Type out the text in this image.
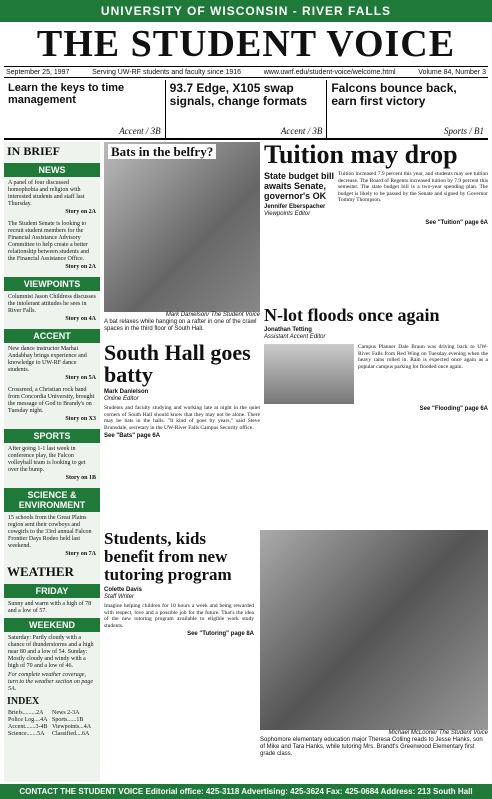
UNIVERSITY OF WISCONSIN - RIVER FALLS
THE STUDENT VOICE
September 25, 1997	Serving UW-RF students and faculty since 1916	www.uwrf.edu/student-voice/welcome.html	Volume 84, Number 3
Learn the keys to time management
Accent / 3B
93.7 Edge, X105 swap signals, change formats
Accent / 3B
Falcons bounce back, earn first victory
Sports / B1
IN BRIEF
NEWS
A panel of four discussed homophobia and religion with interested students and staff last Thursday.
Story on 2A
The Student Senate is looking to recruit student members for the Financial Assistance Advisory Committee to help create a better relationship between students and the Financial Assistance Office.
Story on 2A
VIEWPOINTS
Columnist Jason Childress discusses the intolerant attitudes he sees in River Falls.
Story on 4A
ACCENT
New dance instructor Marhai Andabhay brings experience and knowledge to UW-RF dance students.
Story on 5A
Crossreed, a Christian rock band from Concordia University, brought the message of God to Brandy's on Tuesday night.
Story on X3
SPORTS
After going 1-1 last week in conference play, the Falcon volleyball team is looking to get over the bump.
Story on 1B
SCIENCE & ENVIRONMENT
15 schools from the Great Plains region sent their cowboys and cowgirls to the 33rd annual Falcon Frontier Days Rodeo held last weekend.
Story on 7A
WEATHER
FRIDAY
Sunny and warm with a high of 78 and a low of 57.
WEEKEND
Saturday: Partly cloudy with a chance of thunderstorms and a high near 80 and a low of 54. Sunday: Mostly cloudy and windy with a high of 70 and a low of 46.
For complete weather coverage, turn to the weather section on page 5A.
INDEX
Briefs.........2A	News 2-3A
Police Log....4A Sports......1B
Accent.......3-4B Viewpoints...4A
Science.......5A	Classified....6A
Bats in the belfry?
Mark Danielson/ The Student Voice
A bat relaxes while hanging on a rafter in one of the crawl spaces in the third floor of South Hall.
Tuition may drop
State budget bill awaits Senate, governor's OK
Jennifer Eberspacher
Viewpoints Editor
Tuition increased 7.9 percent this year, and students may see tuition decrease. The Board of Regents increased tuition by 7.9 percent this semester. The state budget bill is a two-year spending plan. The budget is likely to be passed by the Senate and signed by Governor Tommy Thompson.
See "Tuition" page 6A
South Hall goes batty
Mark Danielson
Online Editor
Students and faculty studying and working late at night in the quiet corners of South Hall should know that they may not be alone. There may be bats in the halls. "It kind of goes by years," said Steve Brunsdale, secretary in the UW-River Falls Campus Security office.
See "Bats" page 6A
N-lot floods once again
Jonathan Tetting
Assistant Accent Editor
Campus Planner Dale Braun was driving back to UW-River Falls from Red Wing on Tuesday evening when the heavy rains rolled in. Rain is expected once again as a popular campus parking lot flooded once again.
See "Flooding" page 6A
Students, kids benefit from new tutoring program
Colette Davis
Staff Writer
Imagine helping children for 10 hours a week and being rewarded with respect, love and a possible job for the future. That's the idea of the new tutoring program available to eligible work study students.
See "Tutoring" page 8A
Michael McLoone/ The Student Voice
Sophomore elementary education major Theresa Colling reads to Jesse Hanks, son of Mike and Tara Hanks, while tutoring Mrs. Brandt's Greenwood Elementary first grade class.
CONTACT THE STUDENT VOICE Editorial office: 425-3118 Advertising: 425-3624 Fax: 425-0684 Address: 213 South Hall
